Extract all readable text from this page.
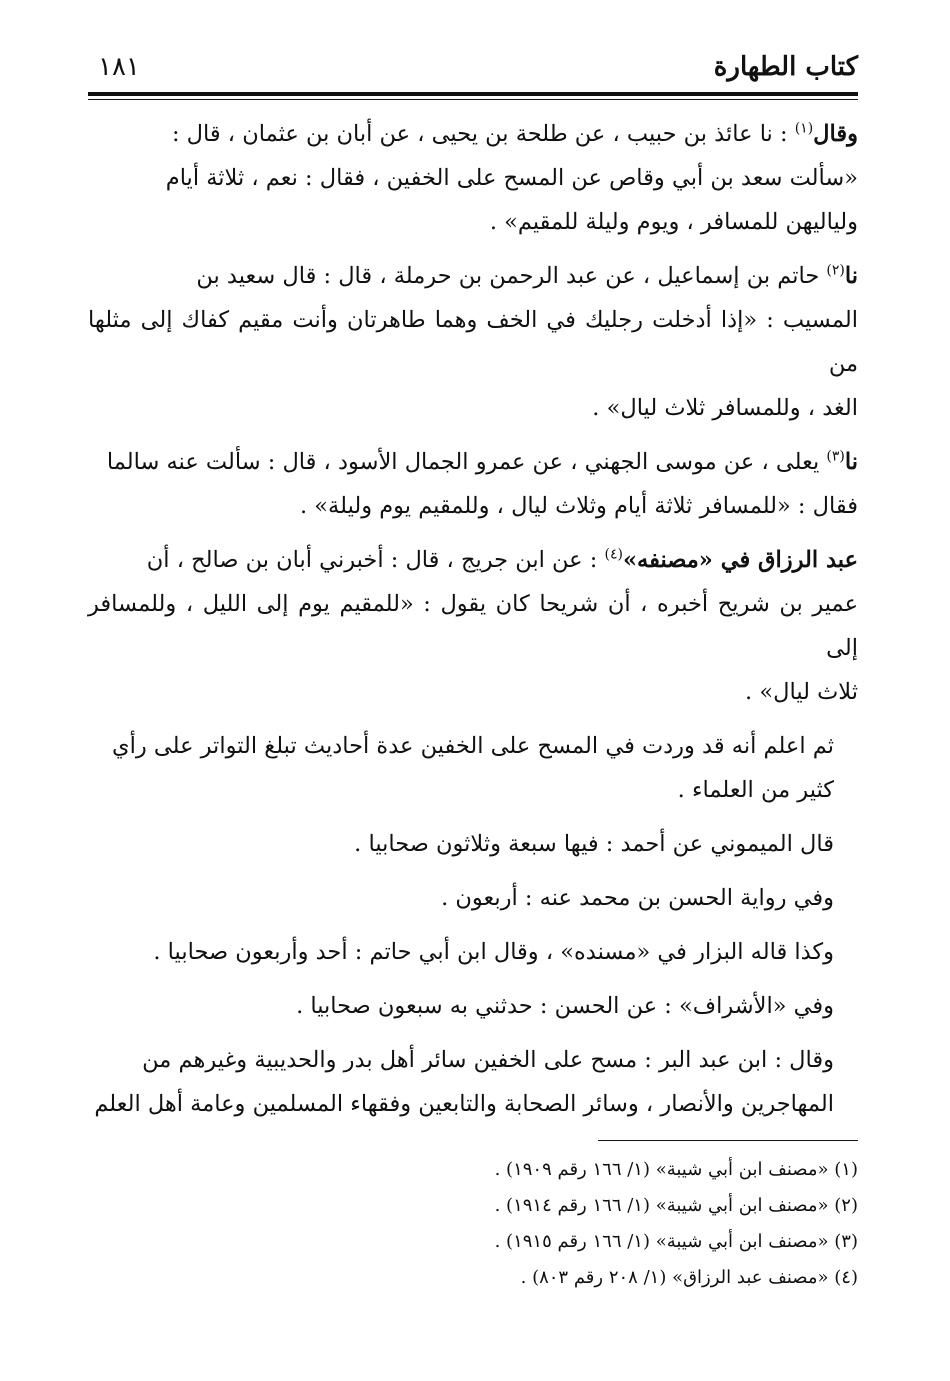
كتاب الطهارة
١٨١

وقال$^{(١)}$ : نا عائذ بن حبيب ، عن طلحة بن يحيى ، عن أبان بن عثمان ، قال :
«سألت سعد بن أبي وقاص عن المسح على الخفين ، فقال : نعم ، ثلاثة أيام
ولياليهن للمسافر ، ويوم وليلة للمقيم» .

نا$^{(٢)}$ حاتم بن إسماعيل ، عن عبد الرحمن بن حرملة ، قال : قال سعيد بن
المسيب : «إذا أدخلت رجليك في الخف وهما طاهرتان وأنت مقيم كفاك إلى مثلها من
الغد ، وللمسافر ثلاث ليال» .

نا$^{(٣)}$ يعلى ، عن موسى الجهني ، عن عمرو الجمال الأسود ، قال : سألت عنه سالما
فقال : «للمسافر ثلاثة أيام وثلاث ليال ، وللمقيم يوم وليلة» .

عبد الرزاق في «مصنفه»$^{(٤)}$ : عن ابن جريج ، قال : أخبرني أبان بن صالح ، أن
عمير بن شريح أخبره ، أن شريحا كان يقول : «للمقيم يوم إلى الليل ، وللمسافر إلى
ثلاث ليال» .

ثم اعلم أنه قد وردت في المسح على الخفين عدة أحاديث تبلغ التواتر على رأي
كثير من العلماء .

قال الميموني عن أحمد : فيها سبعة وثلاثون صحابيا .

وفي رواية الحسن بن محمد عنه : أربعون .

وكذا قاله البزار في «مسنده» ، وقال ابن أبي حاتم : أحد وأربعون صحابيا .

وفي «الأشراف» : عن الحسن : حدثني به سبعون صحابيا .

وقال : ابن عبد البر : مسح على الخفين سائر أهل بدر والحديبية وغيرهم من
المهاجرين والأنصار ، وسائر الصحابة والتابعين وفقهاء المسلمين وعامة أهل العلم

(١) «مصنف ابن أبي شيبة» (١/ ١٦٦ رقم ١٩٠٩) .
(٢) «مصنف ابن أبي شيبة» (١/ ١٦٦ رقم ١٩١٤) .
(٣) «مصنف ابن أبي شيبة» (١/ ١٦٦ رقم ١٩١٥) .
(٤) «مصنف عبد الرزاق» (١/ ٢٠٨ رقم ٨٠٣) .
